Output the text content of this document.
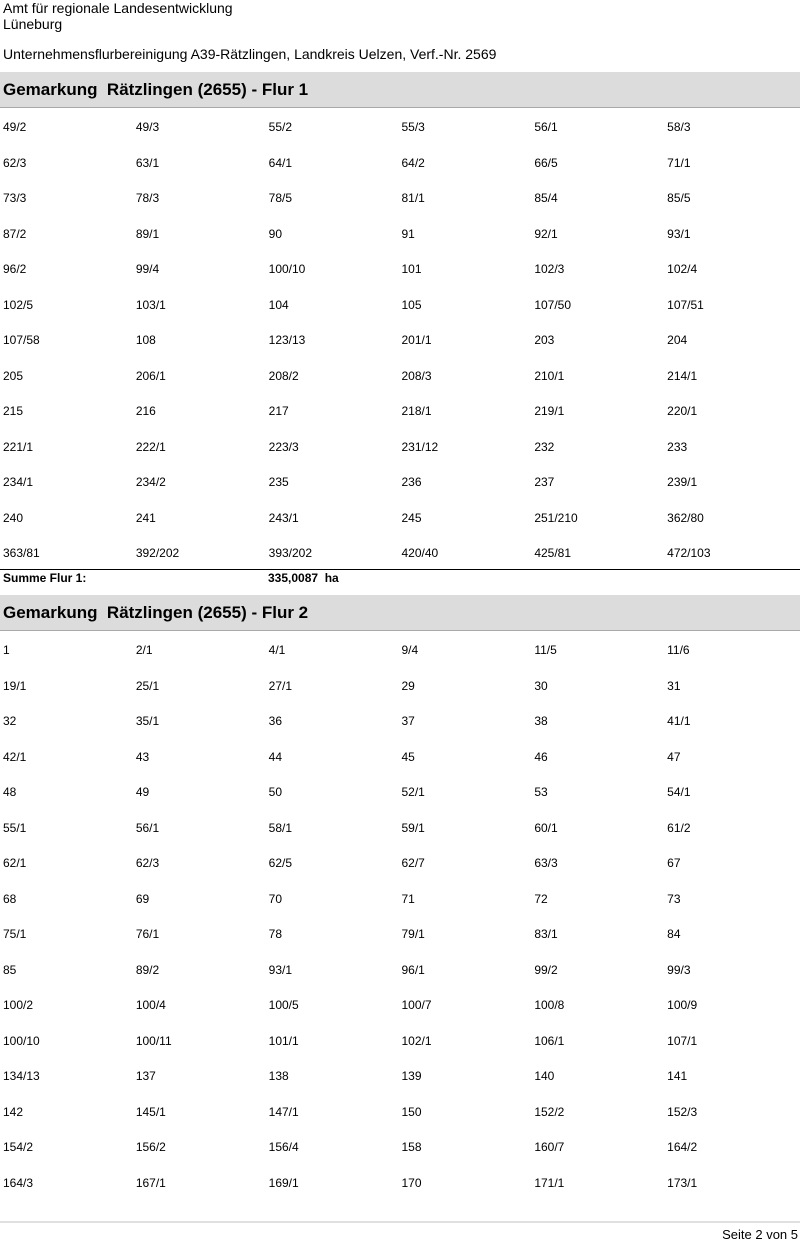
Amt für regionale Landesentwicklung
Lüneburg
Unternehmensflurbereinigung A39-Rätzlingen, Landkreis Uelzen, Verf.-Nr. 2569
Gemarkung  Rätzlingen (2655) - Flur 1
49/2	49/3	55/2	55/3	56/1	58/3
62/3	63/1	64/1	64/2	66/5	71/1
73/3	78/3	78/5	81/1	85/4	85/5
87/2	89/1	90	91	92/1	93/1
96/2	99/4	100/10	101	102/3	102/4
102/5	103/1	104	105	107/50	107/51
107/58	108	123/13	201/1	203	204
205	206/1	208/2	208/3	210/1	214/1
215	216	217	218/1	219/1	220/1
221/1	222/1	223/3	231/12	232	233
234/1	234/2	235	236	237	239/1
240	241	243/1	245	251/210	362/80
363/81	392/202	393/202	420/40	425/81	472/103
Summe Flur 1:	335,0087  ha
Gemarkung  Rätzlingen (2655) - Flur 2
1	2/1	4/1	9/4	11/5	11/6
19/1	25/1	27/1	29	30	31
32	35/1	36	37	38	41/1
42/1	43	44	45	46	47
48	49	50	52/1	53	54/1
55/1	56/1	58/1	59/1	60/1	61/2
62/1	62/3	62/5	62/7	63/3	67
68	69	70	71	72	73
75/1	76/1	78	79/1	83/1	84
85	89/2	93/1	96/1	99/2	99/3
100/2	100/4	100/5	100/7	100/8	100/9
100/10	100/11	101/1	102/1	106/1	107/1
134/13	137	138	139	140	141
142	145/1	147/1	150	152/2	152/3
154/2	156/2	156/4	158	160/7	164/2
164/3	167/1	169/1	170	171/1	173/1
Seite 2 von 5
